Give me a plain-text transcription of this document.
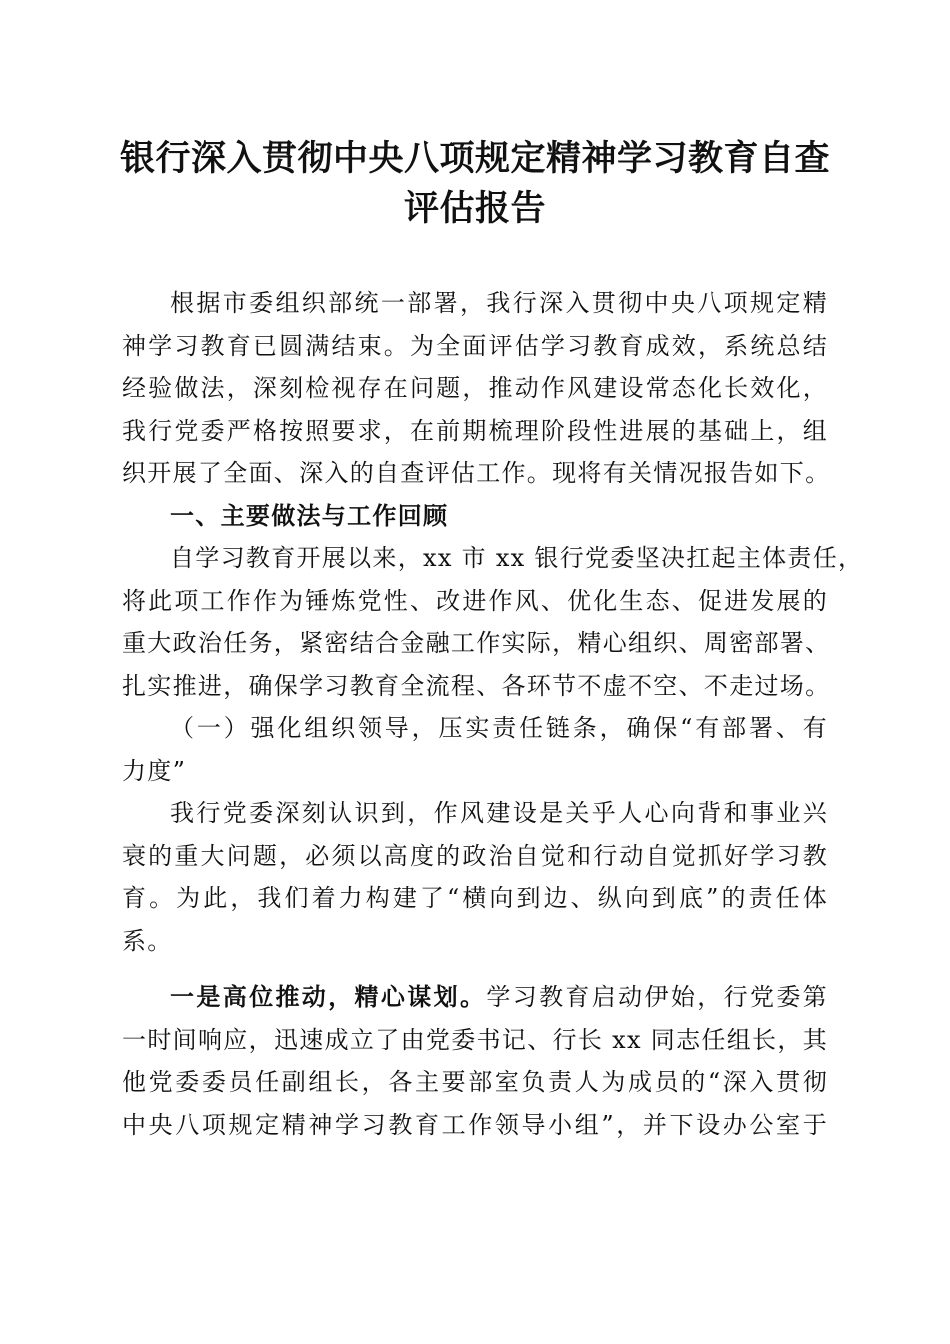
银行深入贯彻中央八项规定精神学习教育自查
评估报告

根据市委组织部统一部署，我行深入贯彻中央八项规定精
神学习教育已圆满结束。为全面评估学习教育成效，系统总结
经验做法，深刻检视存在问题，推动作风建设常态化长效化，
我行党委严格按照要求，在前期梳理阶段性进展的基础上，组
织开展了全面、深入的自查评估工作。现将有关情况报告如下。

一、主要做法与工作回顾

自学习教育开展以来，xx 市 xx 银行党委坚决扛起主体责任，
将此项工作作为锤炼党性、改进作风、优化生态、促进发展的
重大政治任务，紧密结合金融工作实际，精心组织、周密部署、
扎实推进，确保学习教育全流程、各环节不虚不空、不走过场。

（一）强化组织领导，压实责任链条，确保“有部署、有
力度”

我行党委深刻认识到，作风建设是关乎人心向背和事业兴
衰的重大问题，必须以高度的政治自觉和行动自觉抓好学习教
育。为此，我们着力构建了“横向到边、纵向到底”的责任体
系。

一是高位推动，精心谋划。学习教育启动伊始，行党委第
一时间响应，迅速成立了由党委书记、行长 xx 同志任组长，其
他党委委员任副组长，各主要部室负责人为成员的“深入贯彻
中央八项规定精神学习教育工作领导小组”，并下设办公室于
